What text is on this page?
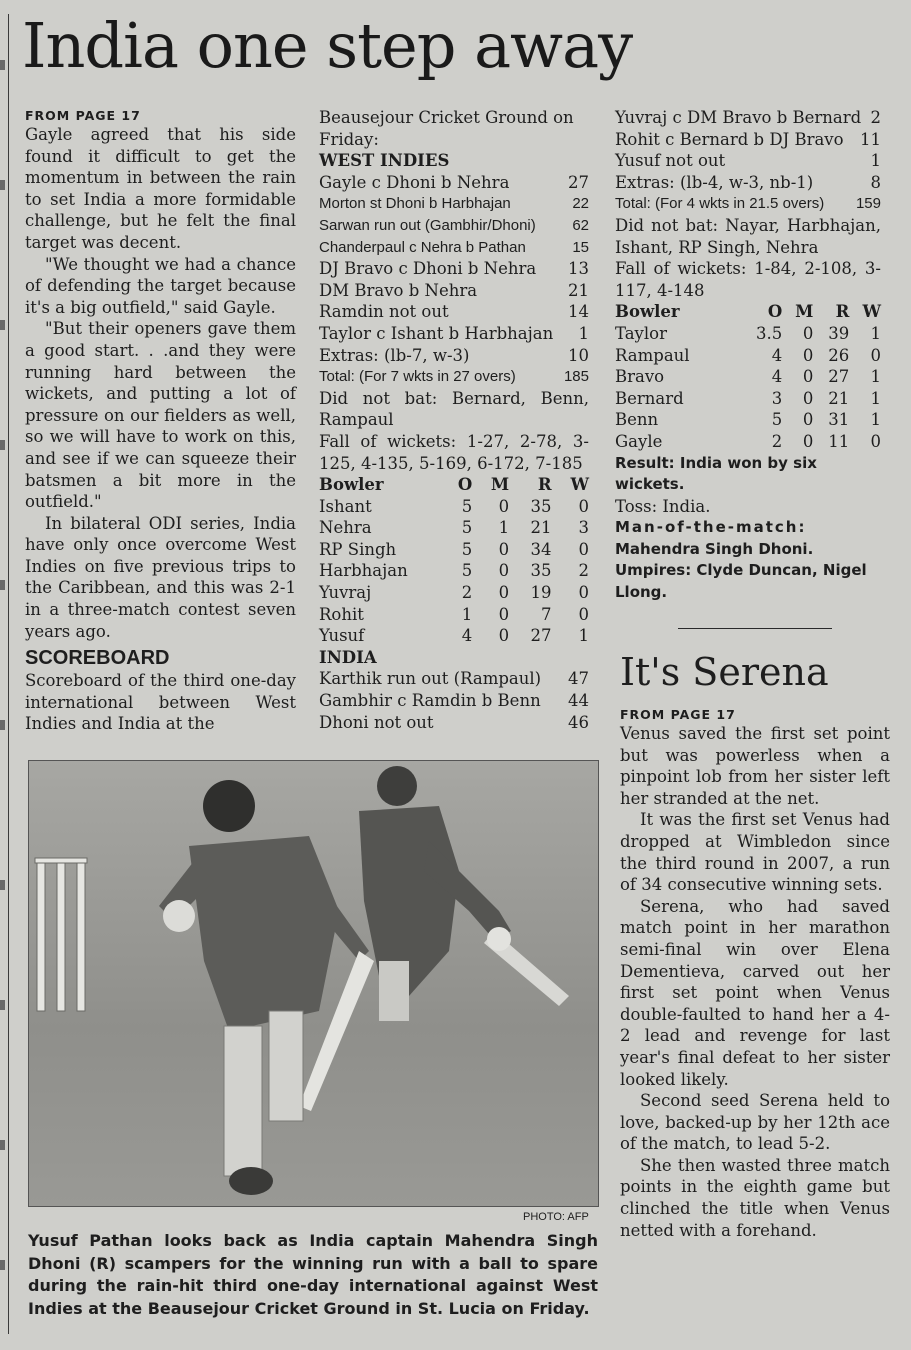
India one step away

FROM PAGE 17

Gayle agreed that his side found it difficult to get the momentum in between the rain to set India a more formidable challenge, but he felt the final target was decent.

"We thought we had a chance of defending the target because it's a big outfield," said Gayle.

"But their openers gave them a good start. . .and they were running hard between the wickets, and putting a lot of pressure on our fielders as well, so we will have to work on this, and see if we can squeeze their batsmen a bit more in the outfield."

In bilateral ODI series, India have only once overcome West Indies on five previous trips to the Caribbean, and this was 2-1 in a three-match contest seven years ago.

SCOREBOARD

Scoreboard of the third one-day international between West Indies and India at the

Beausejour Cricket Ground on Friday:

WEST INDIES

Gayle c Dhoni b Nehra	27
Morton st Dhoni b Harbhajan	22
Sarwan run out (Gambhir/Dhoni) 62
Chanderpaul c Nehra b Pathan	15
DJ Bravo c Dhoni b Nehra 13
DM Bravo b Nehra	21
Ramdin not out	14
Taylor c Ishant b Harbhajan 1
Extras: (lb-7, w-3)	10
Total: (For 7 wkts in 27 overs)	185

Did not bat: Bernard, Benn, Rampaul

Fall of wickets: 1-27, 2-78, 3-125, 4-135, 5-169, 6-172, 7-185

Bowler	O	M	R	W
Ishant	5	0	35	0
Nehra	5	1	21	3
RP Singh	5	0	34	0
Harbhajan	5	0	35	2
Yuvraj	2	0	19	0
Rohit	1	0	7	0
Yusuf	4	0	27	1

INDIA

Karthik run out (Rampaul) 47
Gambhir c Ramdin b Benn 44
Dhoni not out	46
Yuvraj c DM Bravo b Bernard 2
Rohit c Bernard b DJ Bravo 11
Yusuf not out	1
Extras: (lb-4, w-3, nb-1)	8
Total: (For 4 wkts in 21.5 overs) 159

Did not bat: Nayar, Harbhajan, Ishant, RP Singh, Nehra

Fall of wickets: 1-84, 2-108, 3-117, 4-148

Bowler	O	M	R	W
Taylor	3.5	0	39	1
Rampaul	4	0	26	0
Bravo	4	0	27	1
Bernard	3	0	21	1
Benn	5	0	31	1
Gayle	2	0	11	0

Result: India won by six wickets.

Toss: India.

Man-of-the-match:

Mahendra Singh Dhoni.

Umpires: Clyde Duncan, Nigel Llong.

It's Serena

FROM PAGE 17

Venus saved the first set point but was powerless when a pinpoint lob from her sister left her stranded at the net.

It was the first set Venus had dropped at Wimbledon since the third round in 2007, a run of 34 consecutive winning sets.

Serena, who had saved match point in her marathon semi-final win over Elena Dementieva, carved out her first set point when Venus double-faulted to hand her a 4-2 lead and revenge for last year's final defeat to her sister looked likely.

Second seed Serena held to love, backed-up by her 12th ace of the match, to lead 5-2.

She then wasted three match points in the eighth game but clinched the title when Venus netted with a forehand.

PHOTO: AFP
Yusuf Pathan looks back as India captain Mahendra Singh Dhoni (R) scampers for the winning run with a ball to spare during the rain-hit third one-day international against West Indies at the Beausejour Cricket Ground in St. Lucia on Friday.
